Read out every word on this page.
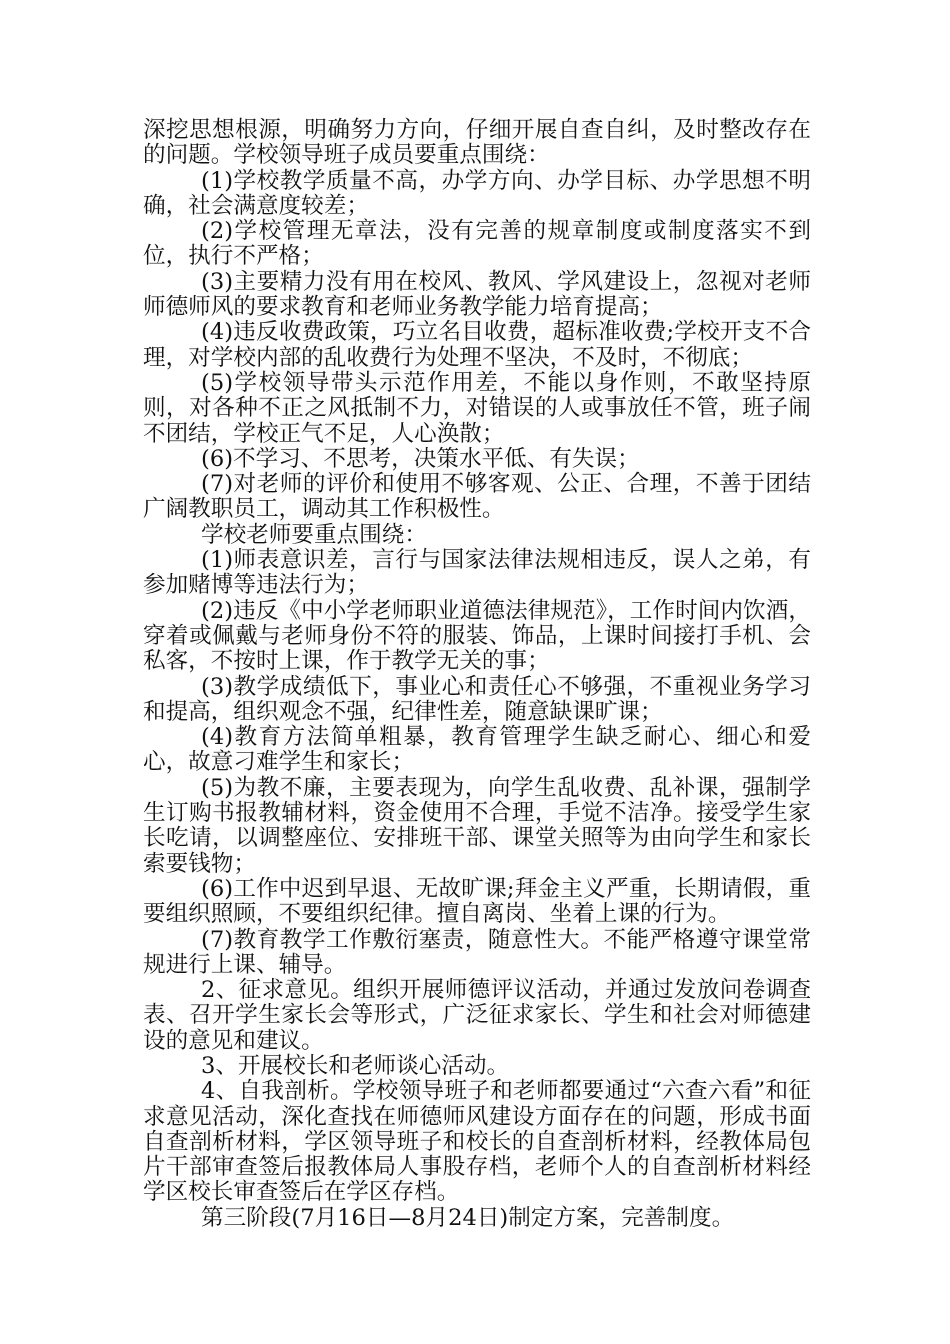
深挖思想根源，明确努力方向，仔细开展自查自纠，及时整改存在的问题。学校领导班子成员要重点围绕：

(1)学校教学质量不高，办学方向、办学目标、办学思想不明确，社会满意度较差；

(2)学校管理无章法，没有完善的规章制度或制度落实不到位，执行不严格；

(3)主要精力没有用在校风、教风、学风建设上，忽视对老师师德师风的要求教育和老师业务教学能力培育提高；

(4)违反收费政策，巧立名目收费，超标准收费;学校开支不合理，对学校内部的乱收费行为处理不坚决，不及时，不彻底；

(5)学校领导带头示范作用差，不能以身作则，不敢坚持原则，对各种不正之风抵制不力，对错误的人或事放任不管，班子闹不团结，学校正气不足，人心涣散；

(6)不学习、不思考，决策水平低、有失误；

(7)对老师的评价和使用不够客观、公正、合理，不善于团结广阔教职员工，调动其工作积极性。

学校老师要重点围绕：

(1)师表意识差，言行与国家法律法规相违反，误人之弟，有参加赌博等违法行为；

(2)违反《中小学老师职业道德法律规范》，工作时间内饮酒，穿着或佩戴与老师身份不符的服装、饰品，上课时间接打手机、会私客，不按时上课，作于教学无关的事；

(3)教学成绩低下，事业心和责任心不够强，不重视业务学习和提高，组织观念不强，纪律性差，随意缺课旷课；

(4)教育方法简单粗暴，教育管理学生缺乏耐心、细心和爱心，故意刁难学生和家长；

(5)为教不廉，主要表现为，向学生乱收费、乱补课，强制学生订购书报教辅材料，资金使用不合理，手觉不洁净。接受学生家长吃请，以调整座位、安排班干部、课堂关照等为由向学生和家长索要钱物；

(6)工作中迟到早退、无故旷课;拜金主义严重，长期请假，重要组织照顾，不要组织纪律。擅自离岗、坐着上课的行为。

(7)教育教学工作敷衍塞责，随意性大。不能严格遵守课堂常规进行上课、辅导。

2、征求意见。组织开展师德评议活动，并通过发放问卷调查表、召开学生家长会等形式，广泛征求家长、学生和社会对师德建设的意见和建议。

3、开展校长和老师谈心活动。

4、自我剖析。学校领导班子和老师都要通过“六查六看”和征求意见活动，深化查找在师德师风建设方面存在的问题，形成书面自查剖析材料，学区领导班子和校长的自查剖析材料，经教体局包片干部审查签后报教体局人事股存档，老师个人的自查剖析材料经学区校长审查签后在学区存档。

第三阶段(7月16日—8月24日)制定方案，完善制度。
